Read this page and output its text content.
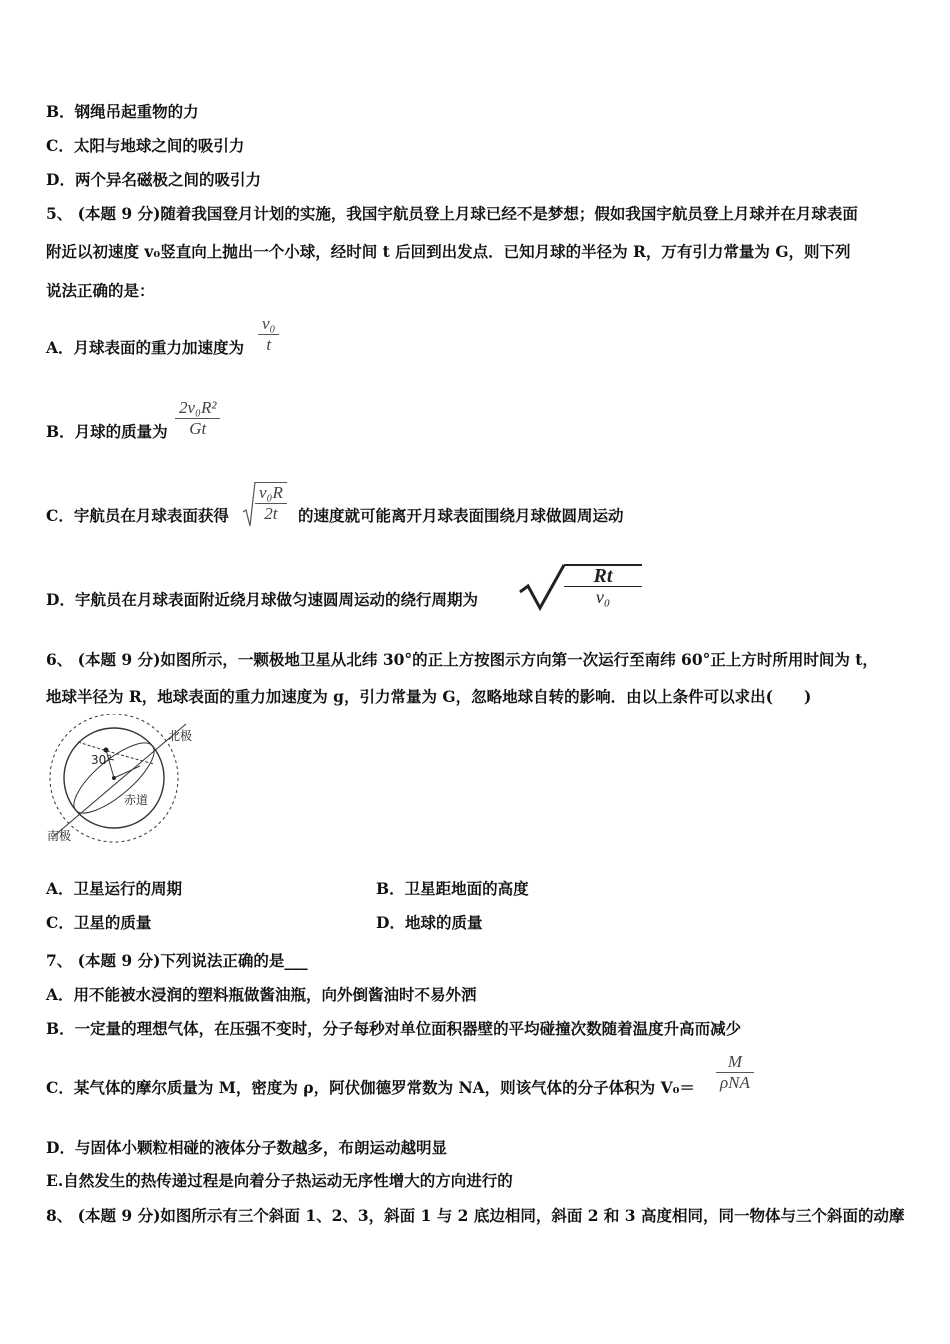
B．钢绳吊起重物的力
C．太阳与地球之间的吸引力
D．两个异名磁极之间的吸引力
5、 (本题 9 分)随着我国登月计划的实施，我国宇航员登上月球已经不是梦想；假如我国宇航员登上月球并在月球表面
附近以初速度 v₀竖直向上抛出一个小球，经时间 t 后回到出发点．已知月球的半径为 R，万有引力常量为 G，则下列
说法正确的是：
A．月球表面的重力加速度为
v₀
t
B．月球的质量为
2v₀R²
Gt
C．宇航员在月球表面获得
v₀R
2t 的速度就可能离开月球表面围绕月球做圆周运动
D．宇航员在月球表面附近绕月球做匀速圆周运动的绕行周期为
Rt
v₀
6、 (本题 9 分)如图所示，一颗极地卫星从北纬 30°的正上方按图示方向第一次运行至南纬 60°正上方时所用时间为 t，
地球半径为 R，地球表面的重力加速度为 g，引力常量为 G，忽略地球自转的影响．由以上条件可以求出(　　)
30°
北极
赤道
南极
A．卫星运行的周期	B．卫星距地面的高度
C．卫星的质量	D．地球的质量
7、 (本题 9 分)下列说法正确的是___
A．用不能被水浸润的塑料瓶做酱油瓶，向外倒酱油时不易外洒
B．一定量的理想气体，在压强不变时，分子每秒对单位面积器壁的平均碰撞次数随着温度升高而减少
C．某气体的摩尔质量为 M，密度为 ρ，阿伏伽德罗常数为 NA，则该气体的分子体积为 V₀＝
M
ρNA
D．与固体小颗粒相碰的液体分子数越多，布朗运动越明显
E.自然发生的热传递过程是向着分子热运动无序性增大的方向进行的
8、 (本题 9 分)如图所示有三个斜面 1、2、3，斜面 1 与 2 底边相同，斜面 2 和 3 高度相同，同一物体与三个斜面的动摩
